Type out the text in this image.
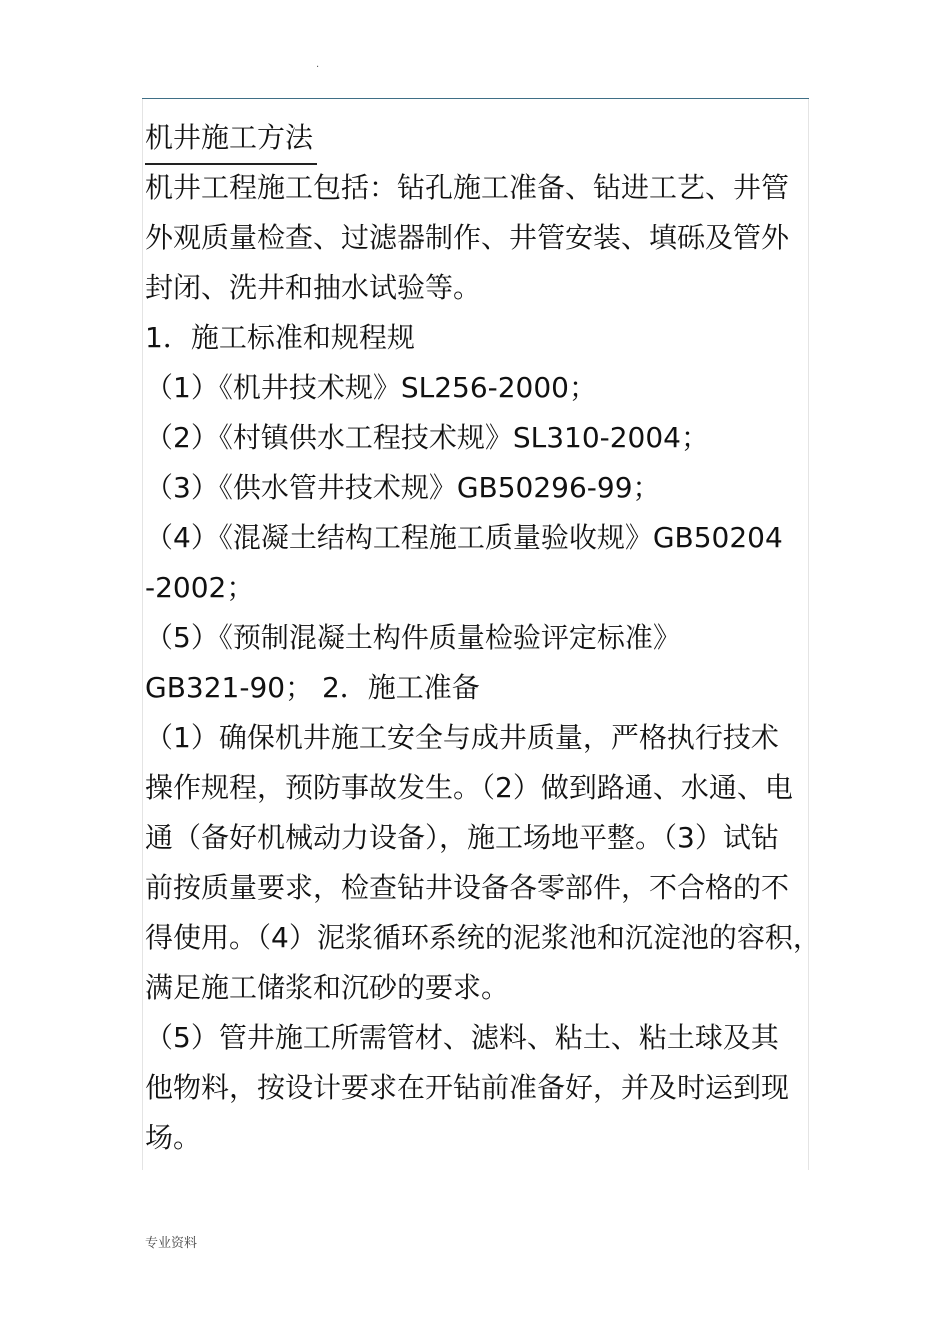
.
机井施工方法
机井工程施工包括：钻孔施工准备、钻进工艺、井管
外观质量检查、过滤器制作、井管安装、填砾及管外
封闭、洗井和抽水试验等。
1．施工标准和规程规
（1）《机井技术规》SL256-2000；
（2）《村镇供水工程技术规》SL310-2004；
（3）《供水管井技术规》GB50296-99；
（4）《混凝土结构工程施工质量验收规》GB50204
-2002；
（5）《预制混凝土构件质量检验评定标准》
GB321-90； 2．施工准备
（1）确保机井施工安全与成井质量，严格执行技术
操作规程，预防事故发生。（2）做到路通、水通、电
通（备好机械动力设备），施工场地平整。（3）试钻
前按质量要求，检查钻井设备各零部件，不合格的不
得使用。（4）泥浆循环系统的泥浆池和沉淀池的容积，
满足施工储浆和沉砂的要求。
（5）管井施工所需管材、滤料、粘土、粘土球及其
他物料，按设计要求在开钻前准备好，并及时运到现
场。
专业资料
